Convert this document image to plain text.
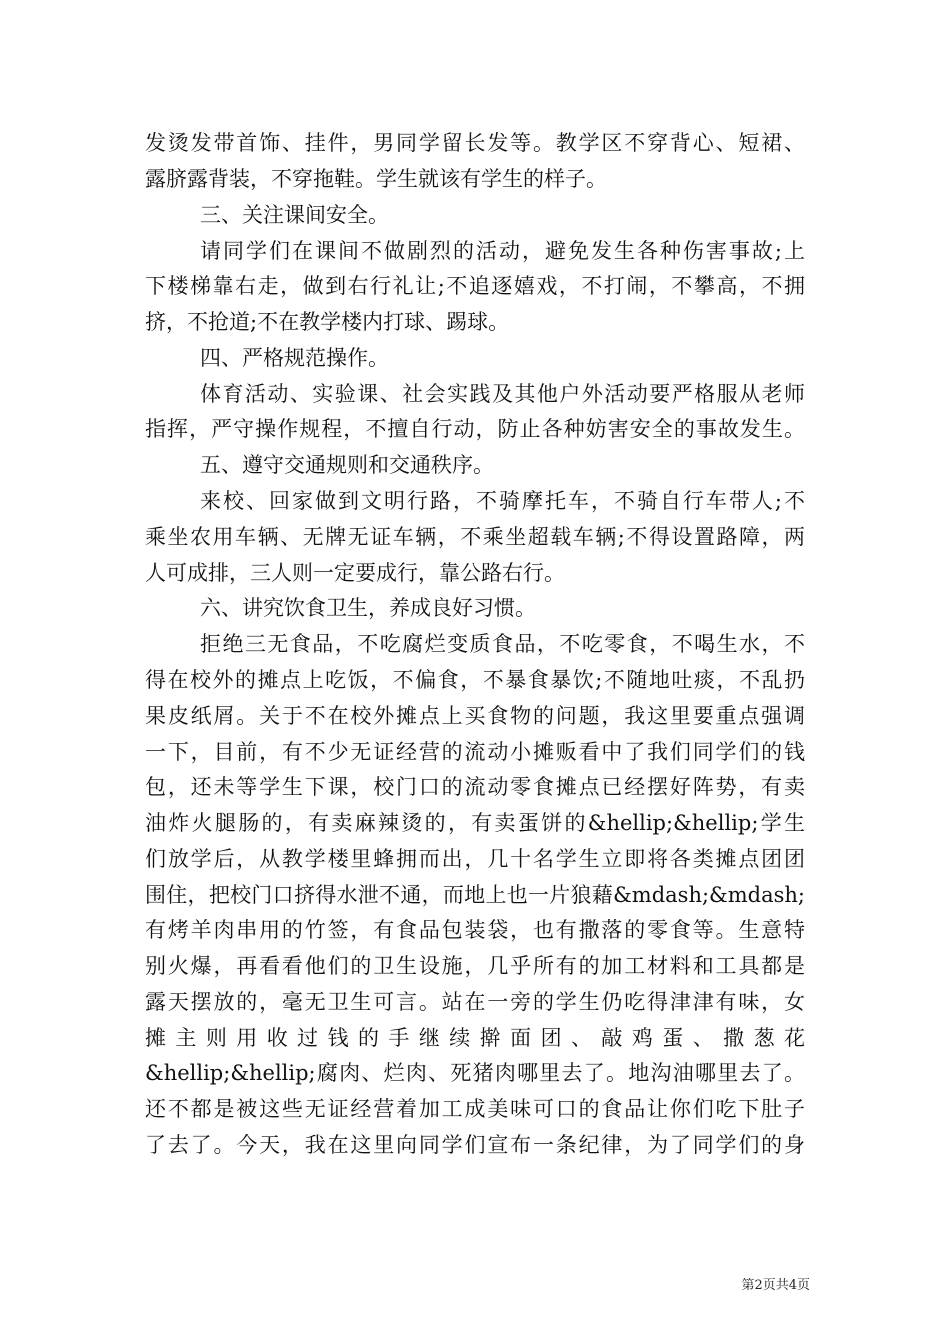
发烫发带首饰、挂件，男同学留长发等。教学区不穿背心、短裙、
露脐露背装，不穿拖鞋。学生就该有学生的样子。
三、关注课间安全。
请同学们在课间不做剧烈的活动，避免发生各种伤害事故;上
下楼梯靠右走，做到右行礼让;不追逐嬉戏，不打闹，不攀高，不拥
挤，不抢道;不在教学楼内打球、踢球。
四、严格规范操作。
体育活动、实验课、社会实践及其他户外活动要严格服从老师
指挥，严守操作规程，不擅自行动，防止各种妨害安全的事故发生。
五、遵守交通规则和交通秩序。
来校、回家做到文明行路，不骑摩托车，不骑自行车带人;不
乘坐农用车辆、无牌无证车辆，不乘坐超载车辆;不得设置路障，两
人可成排，三人则一定要成行，靠公路右行。
六、讲究饮食卫生，养成良好习惯。
拒绝三无食品，不吃腐烂变质食品，不吃零食，不喝生水，不
得在校外的摊点上吃饭，不偏食，不暴食暴饮;不随地吐痰，不乱扔
果皮纸屑。关于不在校外摊点上买食物的问题，我这里要重点强调
一下，目前，有不少无证经营的流动小摊贩看中了我们同学们的钱
包，还未等学生下课，校门口的流动零食摊点已经摆好阵势，有卖
油炸火腿肠的，有卖麻辣烫的，有卖蛋饼的&hellip;&hellip;学生
们放学后，从教学楼里蜂拥而出，几十名学生立即将各类摊点团团
围住，把校门口挤得水泄不通，而地上也一片狼藉&mdash;&mdash;
有烤羊肉串用的竹签，有食品包装袋，也有撒落的零食等。生意特
别火爆，再看看他们的卫生设施，几乎所有的加工材料和工具都是
露天摆放的，毫无卫生可言。站在一旁的学生仍吃得津津有味，女
摊主则用收过钱的手继续擀面团、敲鸡蛋、撒葱花
&hellip;&hellip;腐肉、烂肉、死猪肉哪里去了。地沟油哪里去了。
还不都是被这些无证经营着加工成美味可口的食品让你们吃下肚子
了去了。今天，我在这里向同学们宣布一条纪律，为了同学们的身
第2页共4页
